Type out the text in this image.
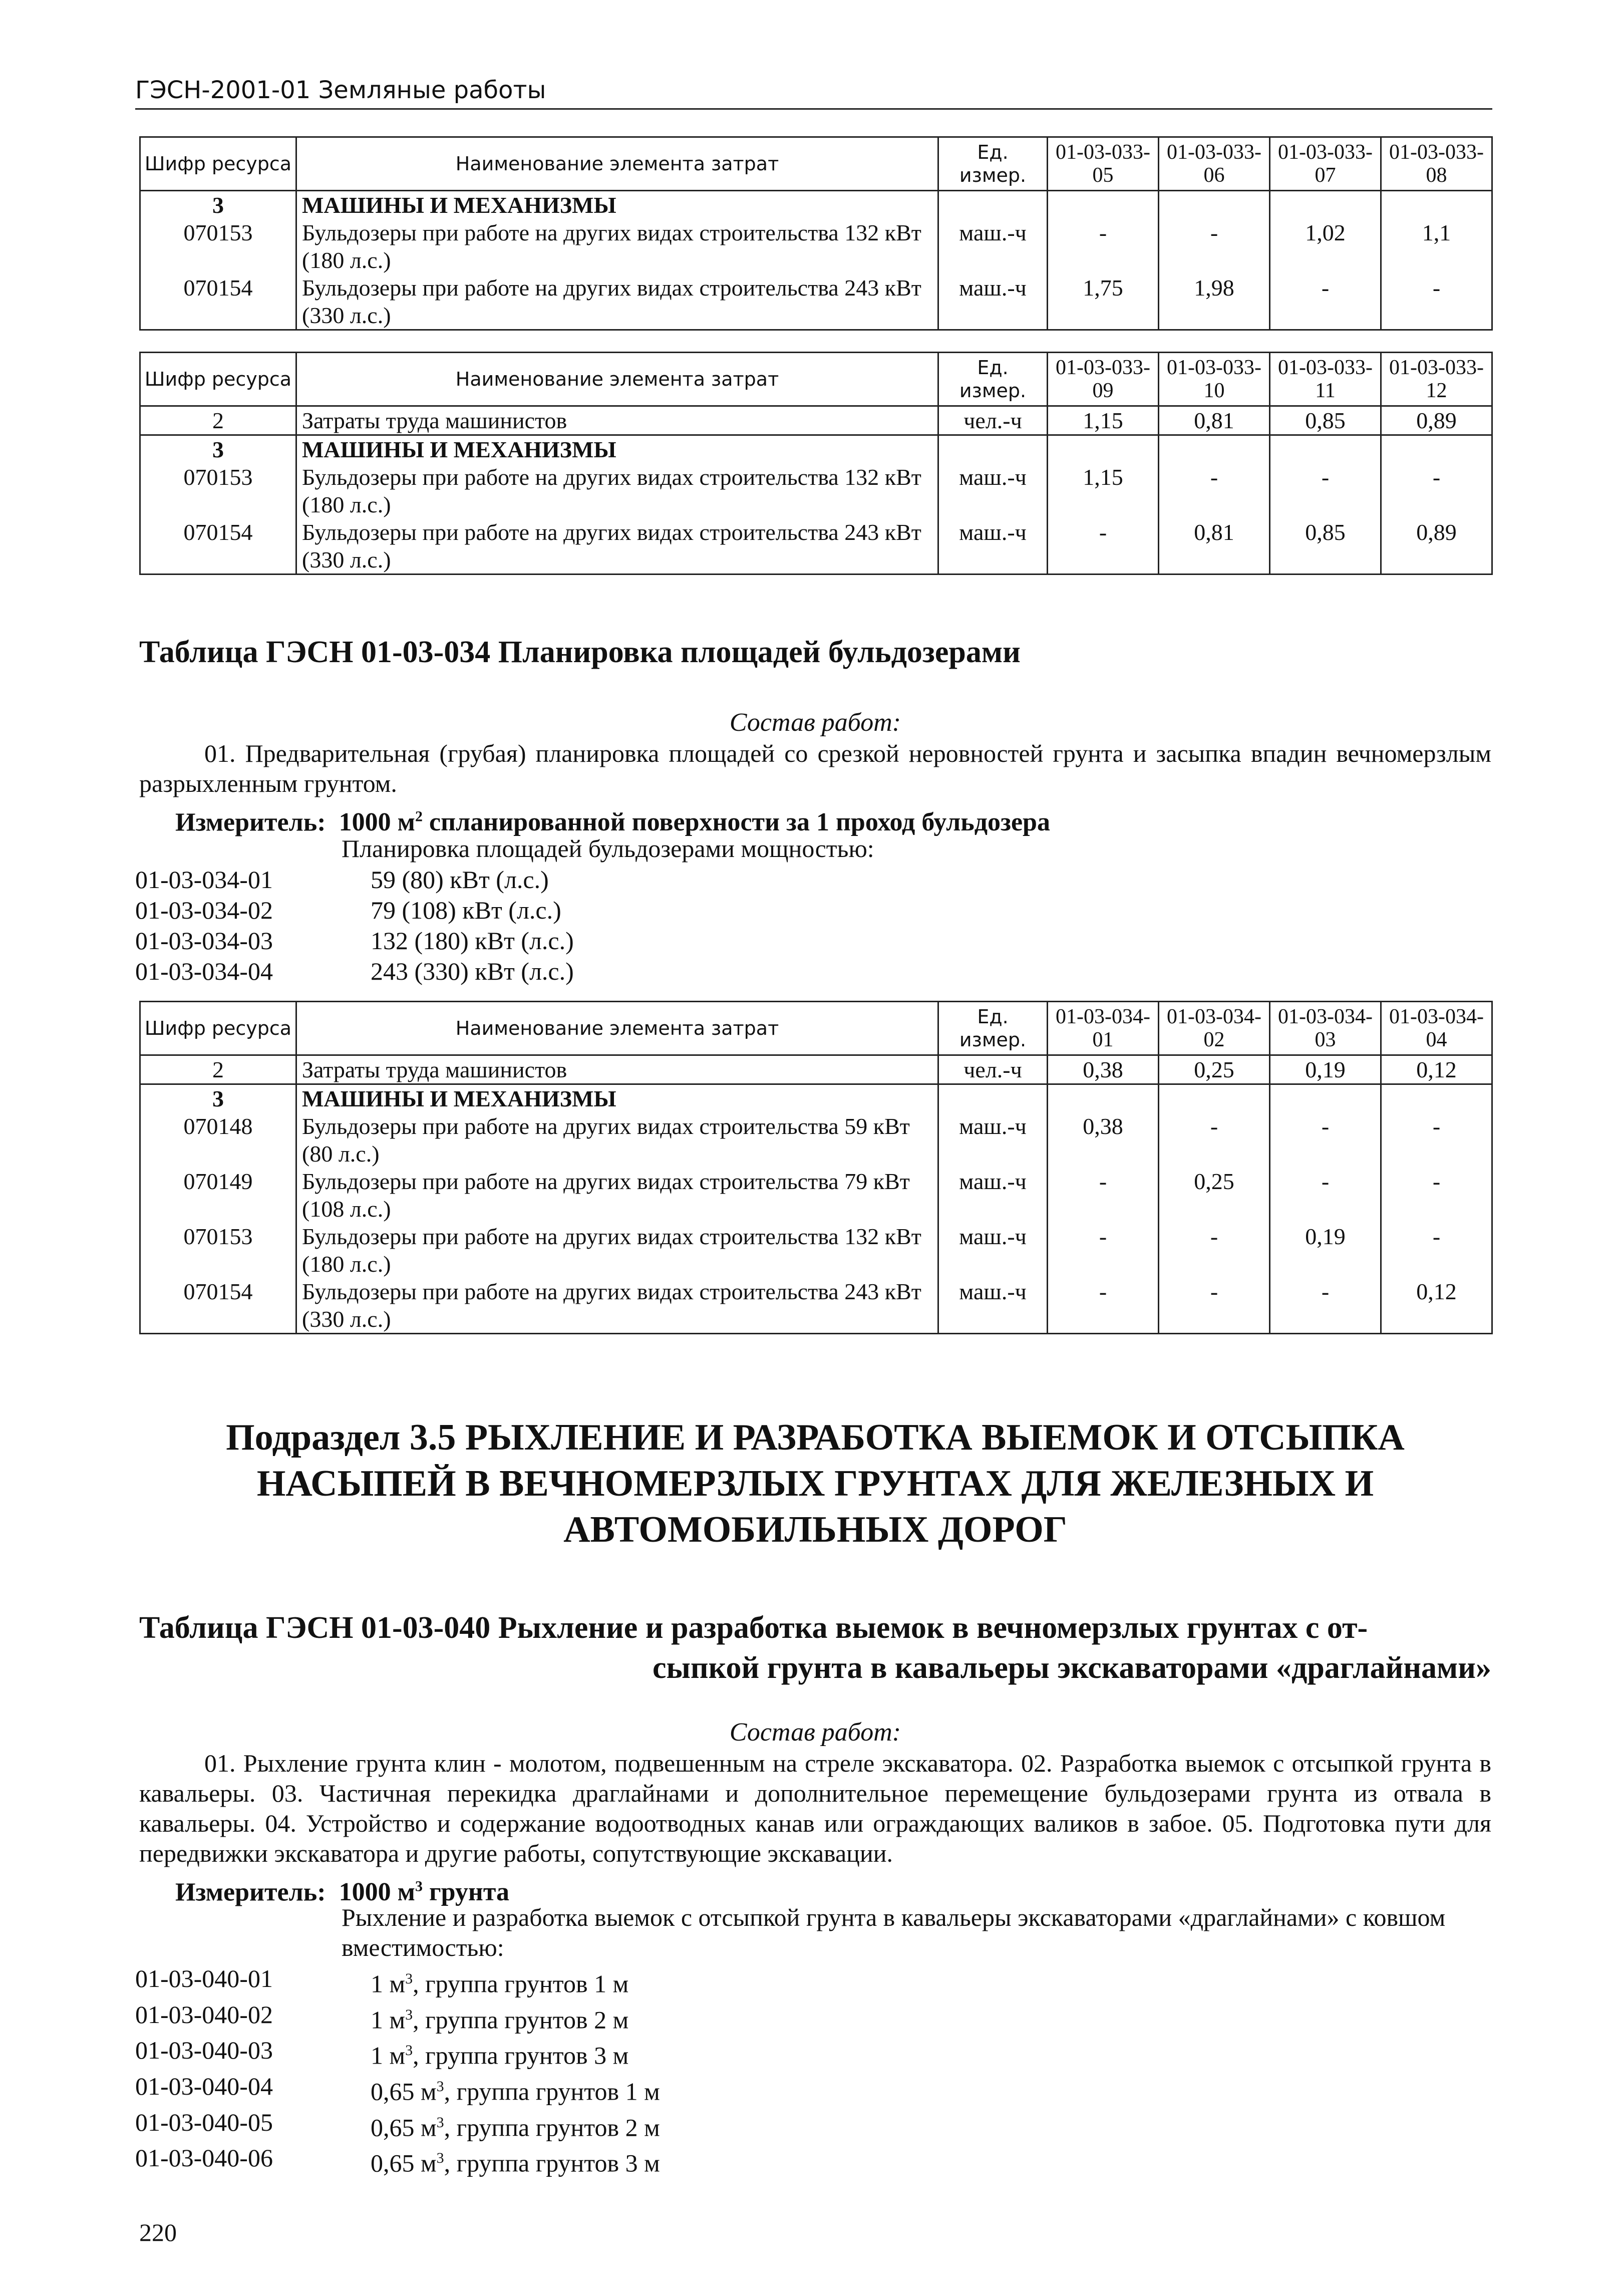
ГЭСН-2001-01 Земляные работы
Шифр ресурса	Наименование элемента затрат	Ед. измер.	01-03-033-05	01-03-033-06	01-03-033-07	01-03-033-08
3	МАШИНЫ И МЕХАНИЗМЫ					
070153	Бульдозеры при работе на других видах строительства 132 кВт (180 л.с.)	маш.-ч	-	-	1,02	1,1
070154	Бульдозеры при работе на других видах строительства 243 кВт (330 л.с.)	маш.-ч	1,75	1,98	-	-
Шифр ресурса	Наименование элемента затрат	Ед. измер.	01-03-033-09	01-03-033-10	01-03-033-11	01-03-033-12
2	Затраты труда машинистов	чел.-ч	1,15	0,81	0,85	0,89
3	МАШИНЫ И МЕХАНИЗМЫ					
070153	Бульдозеры при работе на других видах строительства 132 кВт (180 л.с.)	маш.-ч	1,15	-	-	-
070154	Бульдозеры при работе на других видах строительства 243 кВт (330 л.с.)	маш.-ч	-	0,81	0,85	0,89
Таблица ГЭСН 01-03-034 Планировка площадей бульдозерами
Состав работ:
01. Предварительная (грубая) планировка площадей со срезкой неровностей грунта и засыпка впадин вечномерзлым разрыхленным грунтом.
Измеритель: 1000 $м^2$ спланированной поверхности за 1 проход бульдозера
Планировка площадей бульдозерами мощностью:
01-03-034-01	59 (80) кВт (л.с.)
01-03-034-02	79 (108) кВт (л.с.)
01-03-034-03	132 (180) кВт (л.с.)
01-03-034-04	243 (330) кВт (л.с.)
Шифр ресурса	Наименование элемента затрат	Ед. измер.	01-03-034-01	01-03-034-02	01-03-034-03	01-03-034-04
2	Затраты труда машинистов	чел.-ч	0,38	0,25	0,19	0,12
3	МАШИНЫ И МЕХАНИЗМЫ					
070148	Бульдозеры при работе на других видах строительства 59 кВт (80 л.с.)	маш.-ч	0,38	-	-	-
070149	Бульдозеры при работе на других видах строительства 79 кВт (108 л.с.)	маш.-ч	-	0,25	-	-
070153	Бульдозеры при работе на других видах строительства 132 кВт (180 л.с.)	маш.-ч	-	-	0,19	-
070154	Бульдозеры при работе на других видах строительства 243 кВт (330 л.с.)	маш.-ч	-	-	-	0,12
Подраздел 3.5 РЫХЛЕНИЕ И РАЗРАБОТКА ВЫЕМОК И ОТСЫПКА
НАСЫПЕЙ В ВЕЧНОМЕРЗЛЫХ ГРУНТАХ ДЛЯ ЖЕЛЕЗНЫХ И
АВТОМОБИЛЬНЫХ ДОРОГ
Таблица ГЭСН 01-03-040 Рыхление и разработка выемок в вечномерзлых грунтах с от-
сыпкой грунта в кавальеры экскаваторами «драглайнами»
Состав работ:
01. Рыхление грунта клин - молотом, подвешенным на стреле экскаватора. 02. Разработка выемок с отсыпкой грунта в кавальеры. 03. Частичная перекидка драглайнами и дополнительное перемещение бульдозерами грунта из отвала в кавальеры. 04. Устройство и содержание водоотводных канав или ограждающих валиков в забое. 05. Подготовка пути для передвижки экскаватора и другие работы, сопутствующие экскавации.
Измеритель: 1000 $м^3$ грунта
Рыхление и разработка выемок с отсыпкой грунта в кавальеры экскаваторами «драглайнами» с ковшом вместимостью:
01-03-040-01	1 $м^3$, группа грунтов 1 м
01-03-040-02	1 $м^3$, группа грунтов 2 м
01-03-040-03	1 $м^3$, группа грунтов 3 м
01-03-040-04	0,65 $м^3$, группа грунтов 1 м
01-03-040-05	0,65 $м^3$, группа грунтов 2 м
01-03-040-06	0,65 $м^3$, группа грунтов 3 м
220
